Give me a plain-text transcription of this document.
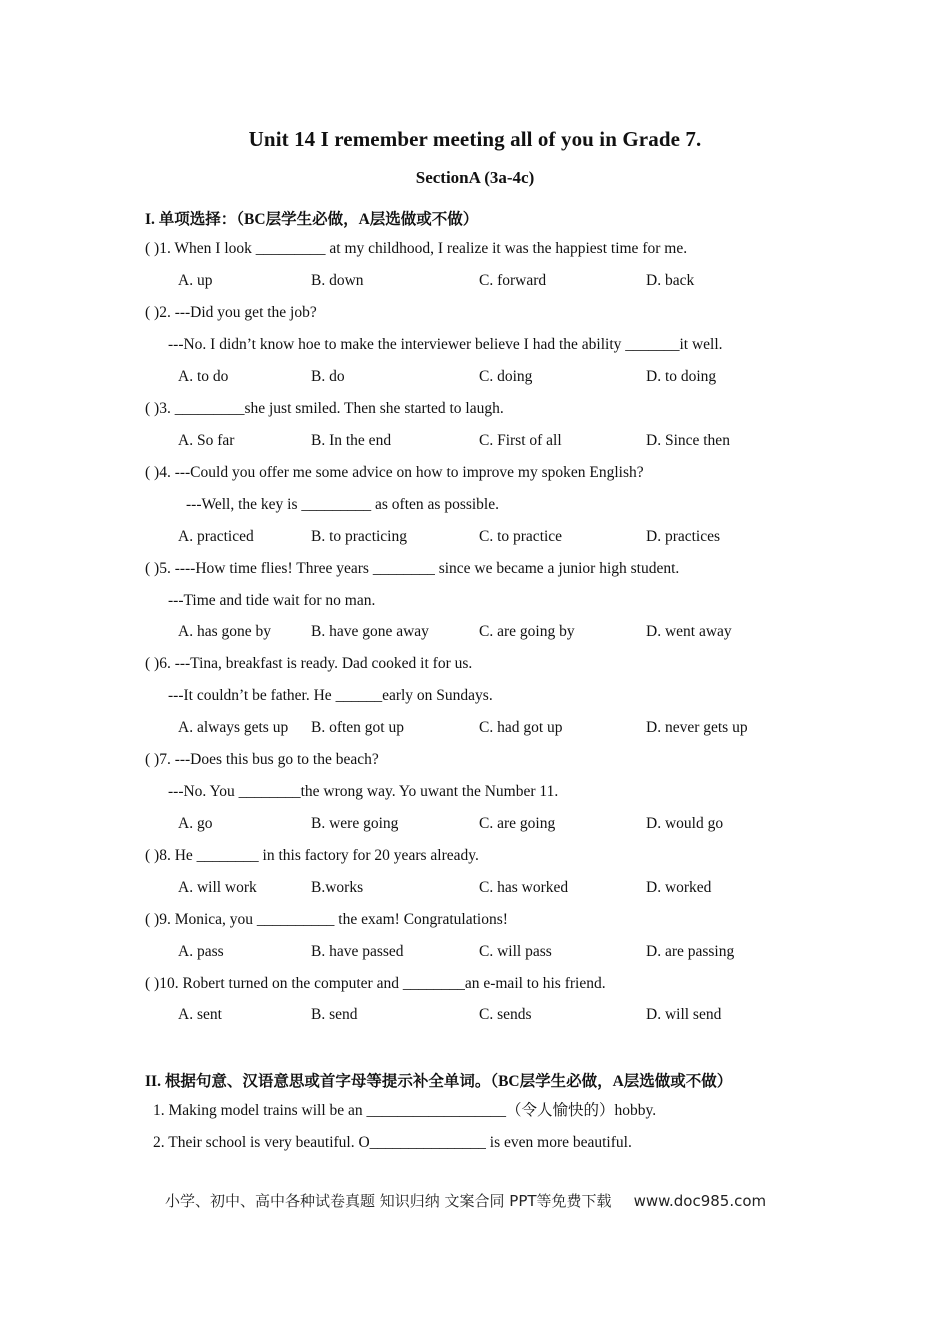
Unit 14 I remember meeting all of you in Grade 7.
SectionA (3a-4c)
I. 单项选择：（BC层学生必做，A层选做或不做）
( )1. When I look _________ at my childhood, I realize it was the happiest time for me.
A. up	B. down	C. forward	D. back
( )2. ---Did you get the job?
---No. I didn’t know hoe to make the interviewer believe I had the ability _______it well.
A. to do	B. do	C. doing	D. to doing
( )3. _________she just smiled. Then she started to laugh.
A. So far	B. In the end	C. First of all	D. Since then
( )4. ---Could you offer me some advice on how to improve my spoken English?
---Well, the key is _________ as often as possible.
A. practiced	B. to practicing	C. to practice	D. practices
( )5. ----How time flies! Three years ________ since we became a junior high student.
---Time and tide wait for no man.
A. has gone by	B. have gone away	C. are going by	D. went away
( )6. ---Tina, breakfast is ready. Dad cooked it for us.
---It couldn’t be father. He ______early on Sundays.
A. always gets up B. often got up	C. had got up	D. never gets up
( )7. ---Does this bus go to the beach?
---No. You ________the wrong way. Yo uwant the Number 11.
A. go	B. were going	C. are going	D. would go
( )8. He ________ in this factory for 20 years already.
A. will work	B.works	C. has worked	D. worked
( )9. Monica, you __________ the exam! Congratulations!
A. pass	B. have passed	C. will pass	D. are passing
( )10. Robert turned on the computer and ________an e-mail to his friend.
A. sent	B. send	C. sends	D. will send
II. 根据句意、汉语意思或首字母等提示补全单词。（BC层学生必做，A层选做或不做）
1. Making model trains will be an __________________（令人愉快的）hobby.
2. Their school is very beautiful. O_______________ is even more beautiful.
小学、初中、高中各种试卷真题 知识归纳 文案合同 PPT等免费下载 www.doc985.com
